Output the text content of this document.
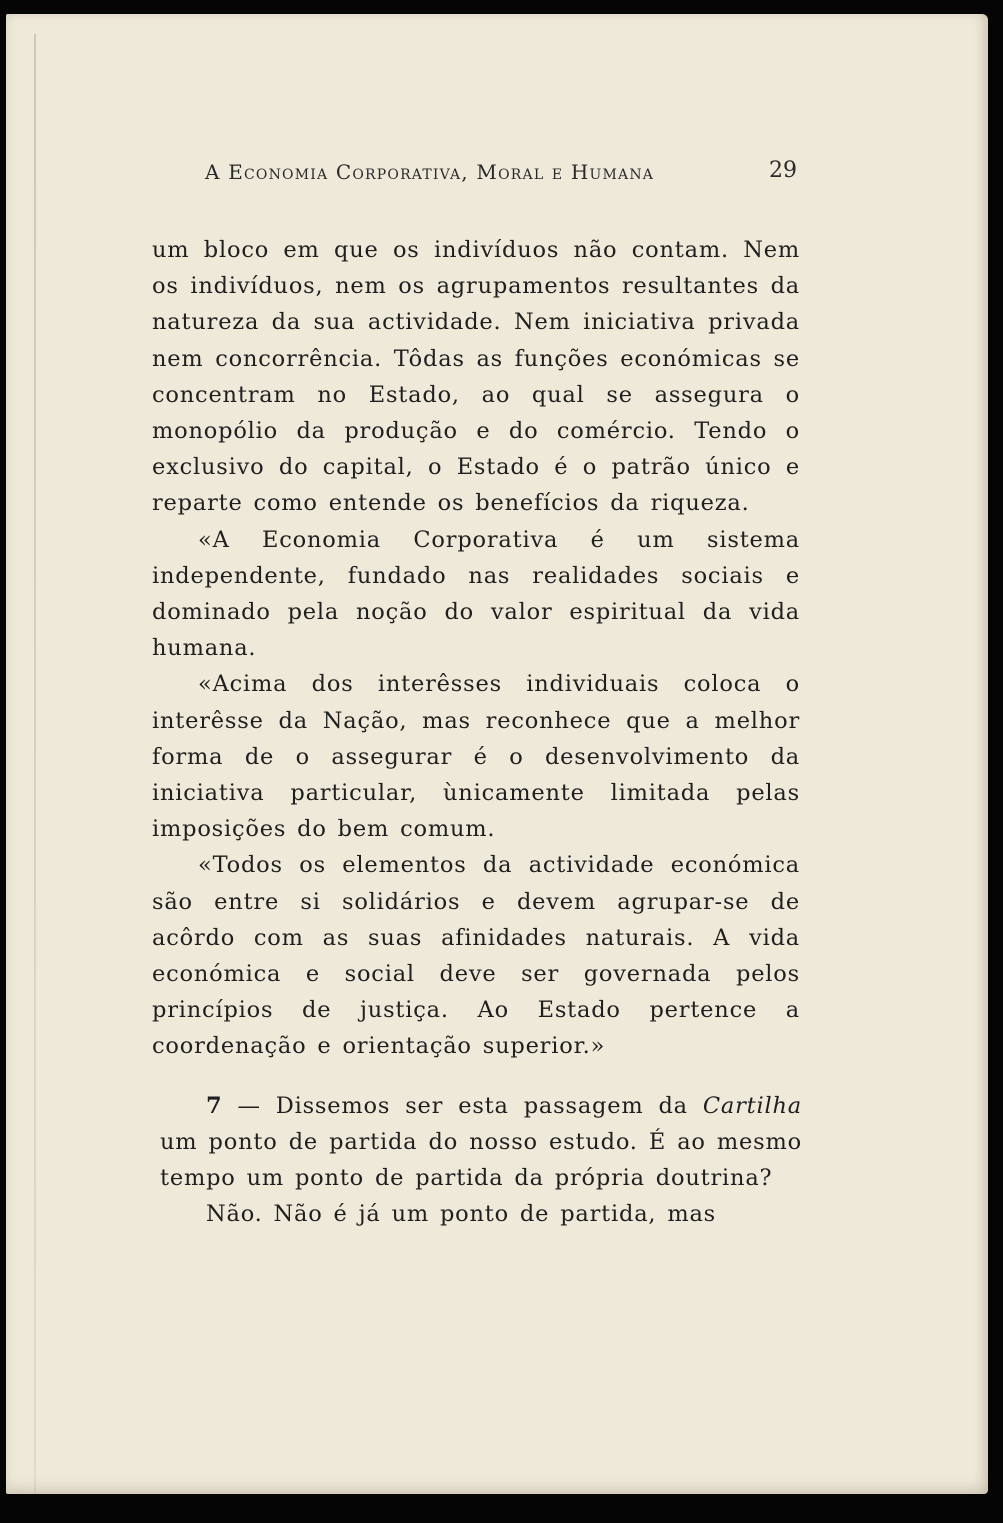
A Economia Corporativa, Moral e Humana	29

um bloco em que os indivíduos não contam. Nem os indivíduos, nem os agrupamentos resultantes da natureza da sua actividade. Nem iniciativa privada nem concorrência. Tôdas as funções económicas se concentram no Estado, ao qual se assegura o monopólio da produção e do comércio. Tendo o exclusivo do capital, o Estado é o patrão único e reparte como entende os benefícios da riqueza.

«A Economia Corporativa é um sistema independente, fundado nas realidades sociais e dominado pela noção do valor espiritual da vida humana.

«Acima dos interêsses individuais coloca o interêsse da Nação, mas reconhece que a melhor forma de o assegurar é o desenvolvimento da iniciativa particular, ùnicamente limitada pelas imposições do bem comum.

«Todos os elementos da actividade económica são entre si solidários e devem agrupar-se de acôrdo com as suas afinidades naturais. A vida económica e social deve ser governada pelos princípios de justiça. Ao Estado pertence a coordenação e orientação superior.»

7 — Dissemos ser esta passagem da Cartilha um ponto de partida do nosso estudo. É ao mesmo tempo um ponto de partida da própria doutrina?

Não. Não é já um ponto de partida, mas
